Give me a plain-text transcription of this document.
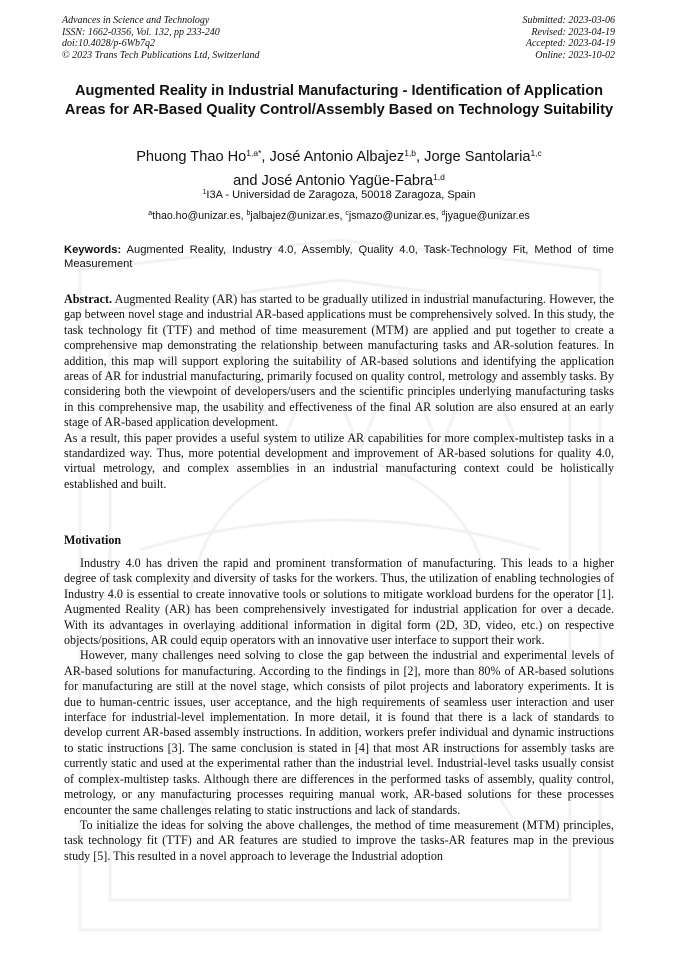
Advances in Science and Technology
ISSN: 1662-0356, Vol. 132, pp 233-240
doi:10.4028/p-6Wb7q2
© 2023 Trans Tech Publications Ltd, Switzerland
Submitted: 2023-03-06
Revised: 2023-04-19
Accepted: 2023-04-19
Online: 2023-10-02
Augmented Reality in Industrial Manufacturing - Identification of Application Areas for AR-Based Quality Control/Assembly Based on Technology Suitability
Phuong Thao $Ho^{1,a*}$, José Antonio Albajez$^{1,b}$, Jorge Santolaria$^{1,c}$
and José Antonio Yagüe-Fabra$^{1,d}$
$^1$I3A - Universidad de Zaragoza, 50018 Zaragoza, Spain
$^a$thao.ho@unizar.es, $^b$jalbajez@unizar.es, $^c$jsmazo@unizar.es, $^d$jyague@unizar.es

Keywords: Augmented Reality, Industry 4.0, Assembly, Quality 4.0, Task-Technology Fit, Method of time Measurement

Abstract. Augmented Reality (AR) has started to be gradually utilized in industrial manufacturing. However, the gap between novel stage and industrial AR-based applications must be comprehensively solved. In this study, the task technology fit (TTF) and method of time measurement (MTM) are applied and put together to create a comprehensive map demonstrating the relationship between manufacturing tasks and AR-solution features. In addition, this map will support exploring the suitability of AR-based solutions and identifying the application areas of AR for industrial manufacturing, primarily focused on quality control, metrology and assembly tasks. By considering both the viewpoint of developers/users and the scientific principles underlying manufacturing tasks in this comprehensive map, the usability and effectiveness of the final AR solution are also ensured at an early stage of AR-based application development.

As a result, this paper provides a useful system to utilize AR capabilities for more complex-multistep tasks in a standardized way. Thus, more potential development and improvement of AR-based solutions for quality 4.0, virtual metrology, and complex assemblies in an industrial manufacturing context could be holistically established and built.

Motivation

Industry 4.0 has driven the rapid and prominent transformation of manufacturing. This leads to a higher degree of task complexity and diversity of tasks for the workers. Thus, the utilization of enabling technologies of Industry 4.0 is essential to create innovative tools or solutions to mitigate workload burdens for the operator [1]. Augmented Reality (AR) has been comprehensively investigated for industrial application for over a decade. With its advantages in overlaying additional information in digital form (2D, 3D, video, etc.) on respective objects/positions, AR could equip operators with an innovative user interface to support their work.

However, many challenges need solving to close the gap between the industrial and experimental levels of AR-based solutions for manufacturing. According to the findings in [2], more than 80% of AR-based solutions for manufacturing are still at the novel stage, which consists of pilot projects and laboratory experiments. It is due to human-centric issues, user acceptance, and the high requirements of seamless user interaction and user interface for industrial-level implementation. In more detail, it is found that there is a lack of standards to develop current AR-based assembly instructions. In addition, workers prefer individual and dynamic instructions to static instructions [3]. The same conclusion is stated in [4] that most AR instructions for assembly tasks are currently static and used at the experimental rather than the industrial level. Industrial-level tasks usually consist of complex-multistep tasks. Although there are differences in the performed tasks of assembly, quality control, metrology, or any manufacturing processes requiring manual work, AR-based solutions for these processes encounter the same challenges relating to static instructions and lack of standards.

To initialize the ideas for solving the above challenges, the method of time measurement (MTM) principles, task technology fit (TTF) and AR features are studied to improve the tasks-AR features map in the previous study [5]. This resulted in a novel approach to leverage the Industrial adoption
